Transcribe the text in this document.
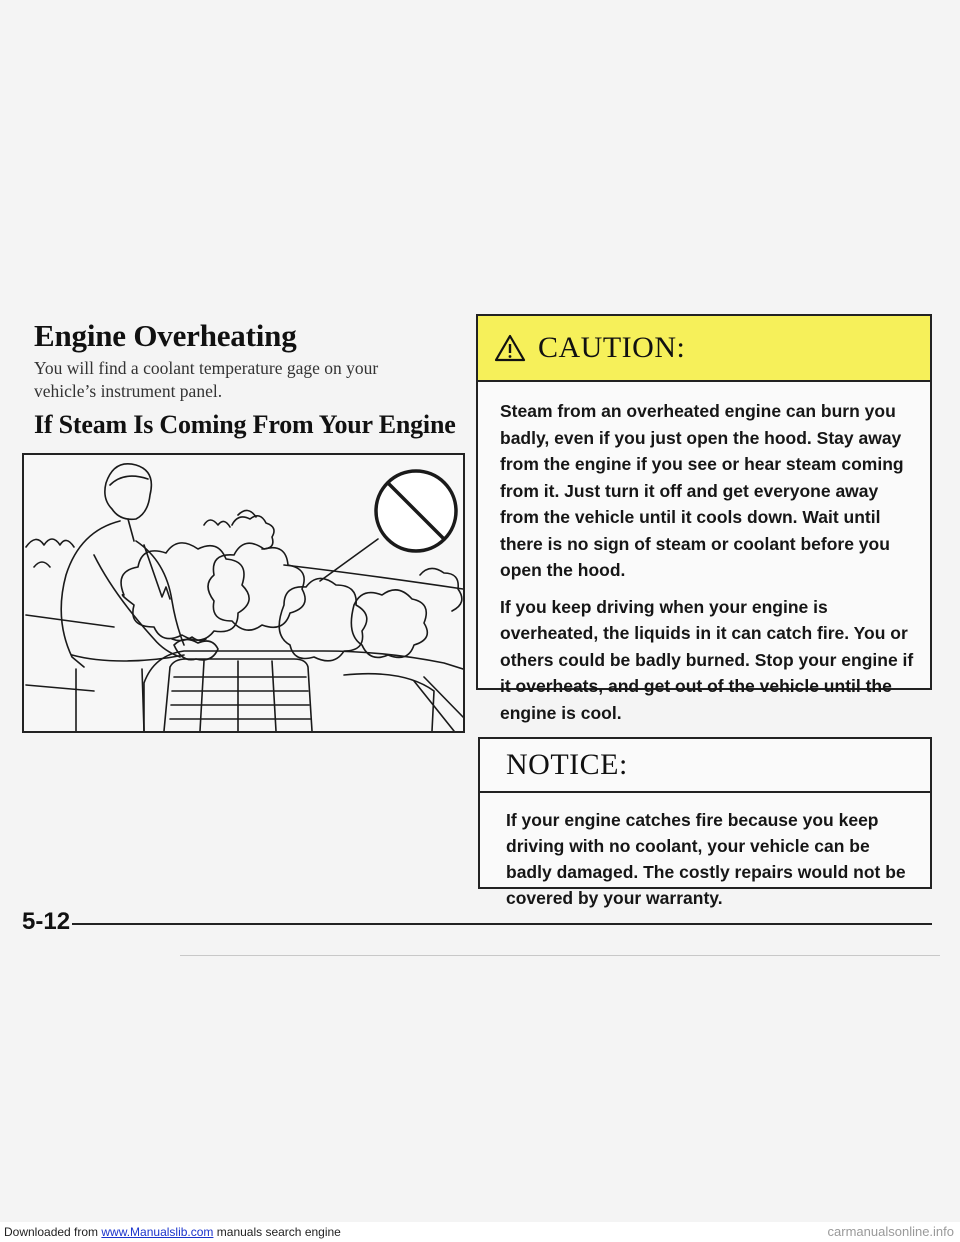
Engine Overheating

You will find a coolant temperature gage on your vehicle’s instrument panel.

If Steam Is Coming From Your Engine
CAUTION:

Steam from an overheated engine can burn you badly, even if you just open the hood. Stay away from the engine if you see or hear steam coming from it. Just turn it off and get everyone away from the vehicle until it cools down. Wait until there is no sign of steam or coolant before you open the hood.

If you keep driving when your engine is overheated, the liquids in it can catch fire. You or others could be badly burned. Stop your engine if it overheats, and get out of the vehicle until the engine is cool.

NOTICE:

If your engine catches fire because you keep driving with no coolant, your vehicle can be badly damaged. The costly repairs would not be covered by your warranty.

5-12
Downloaded from www.Manualslib.com manuals search engine	carmanualsonline.info
